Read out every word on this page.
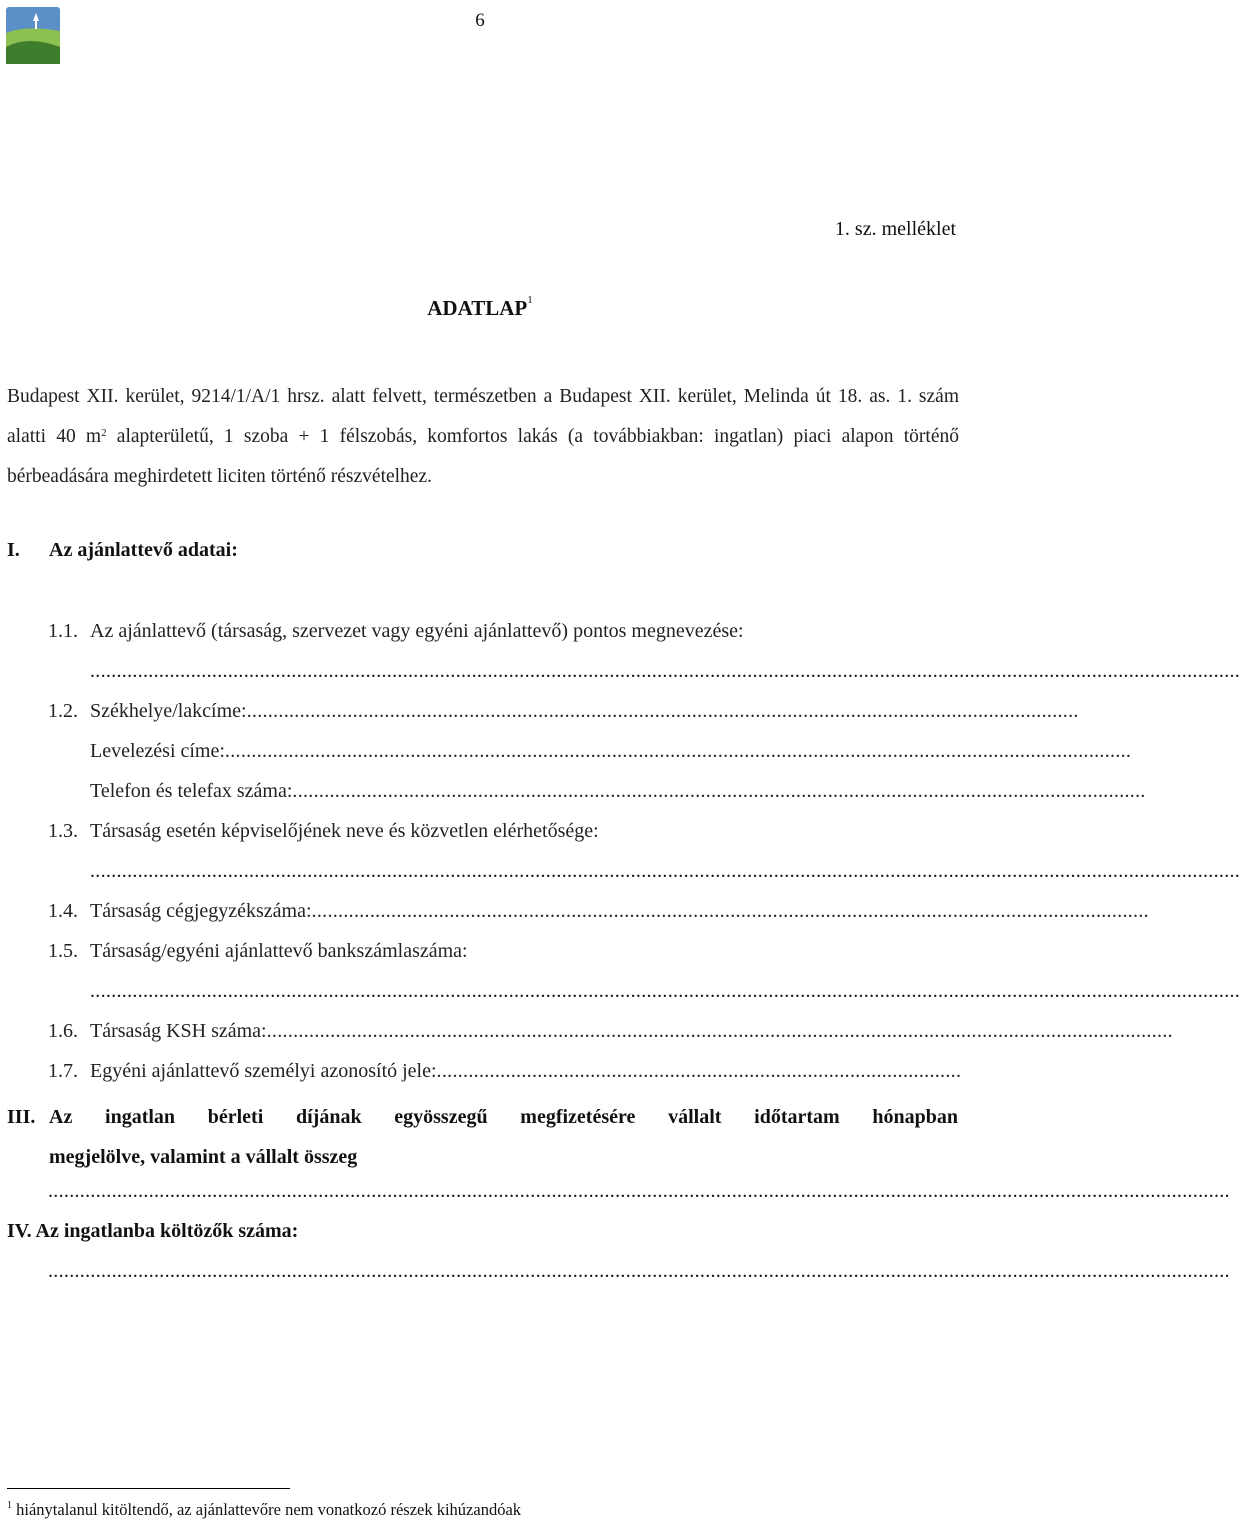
6
1. sz. melléklet
ADATLAP$^1$
Budapest XII. kerület, 9214/1/A/1 hrsz. alatt felvett, természetben a Budapest XII. kerület, Melinda út 18. as. 1. szám alatti 40 $m^2$ alapterületű, 1 szoba + 1 félszobás, komfortos lakás (a továbbiakban: ingatlan) piaci alapon történő bérbeadására meghirdetett liciten történő részvételhez.
I. Az ajánlattevő adatai:
1.1. Az ajánlattevő (társaság, szervezet vagy egyéni ajánlattevő) pontos megnevezése:
.........................................................................................................................................................................................................................
1.2. Székhelye/lakcíme:.............................................................................................................................................................
Levelezési címe:...........................................................................................................................................................................
Telefon és telefax száma:.................................................................................................................................................................
1.3. Társaság esetén képviselőjének neve és közvetlen elérhetősége:
.........................................................................................................................................................................................................................
1.4. Társaság cégjegyzékszáma:..............................................................................................................................................................
1.5. Társaság/egyéni ajánlattevő bankszámlaszáma:
.........................................................................................................................................................................................................................
1.6. Társaság KSH száma:...........................................................................................................................................................................
1.7. Egyéni ajánlattevő személyi azonosító jele:...................................................................................................
III. Az ingatlan bérleti díjának egyösszegű megfizetésére vállalt időtartam hónapban
megjelölve, valamint a vállalt összeg
...............................................................................................................................................................................................................................
IV. Az ingatlanba költözők száma:
...............................................................................................................................................................................................................................
$^1$ hiánytalanul kitöltendő, az ajánlattevőre nem vonatkozó részek kihúzandóak
